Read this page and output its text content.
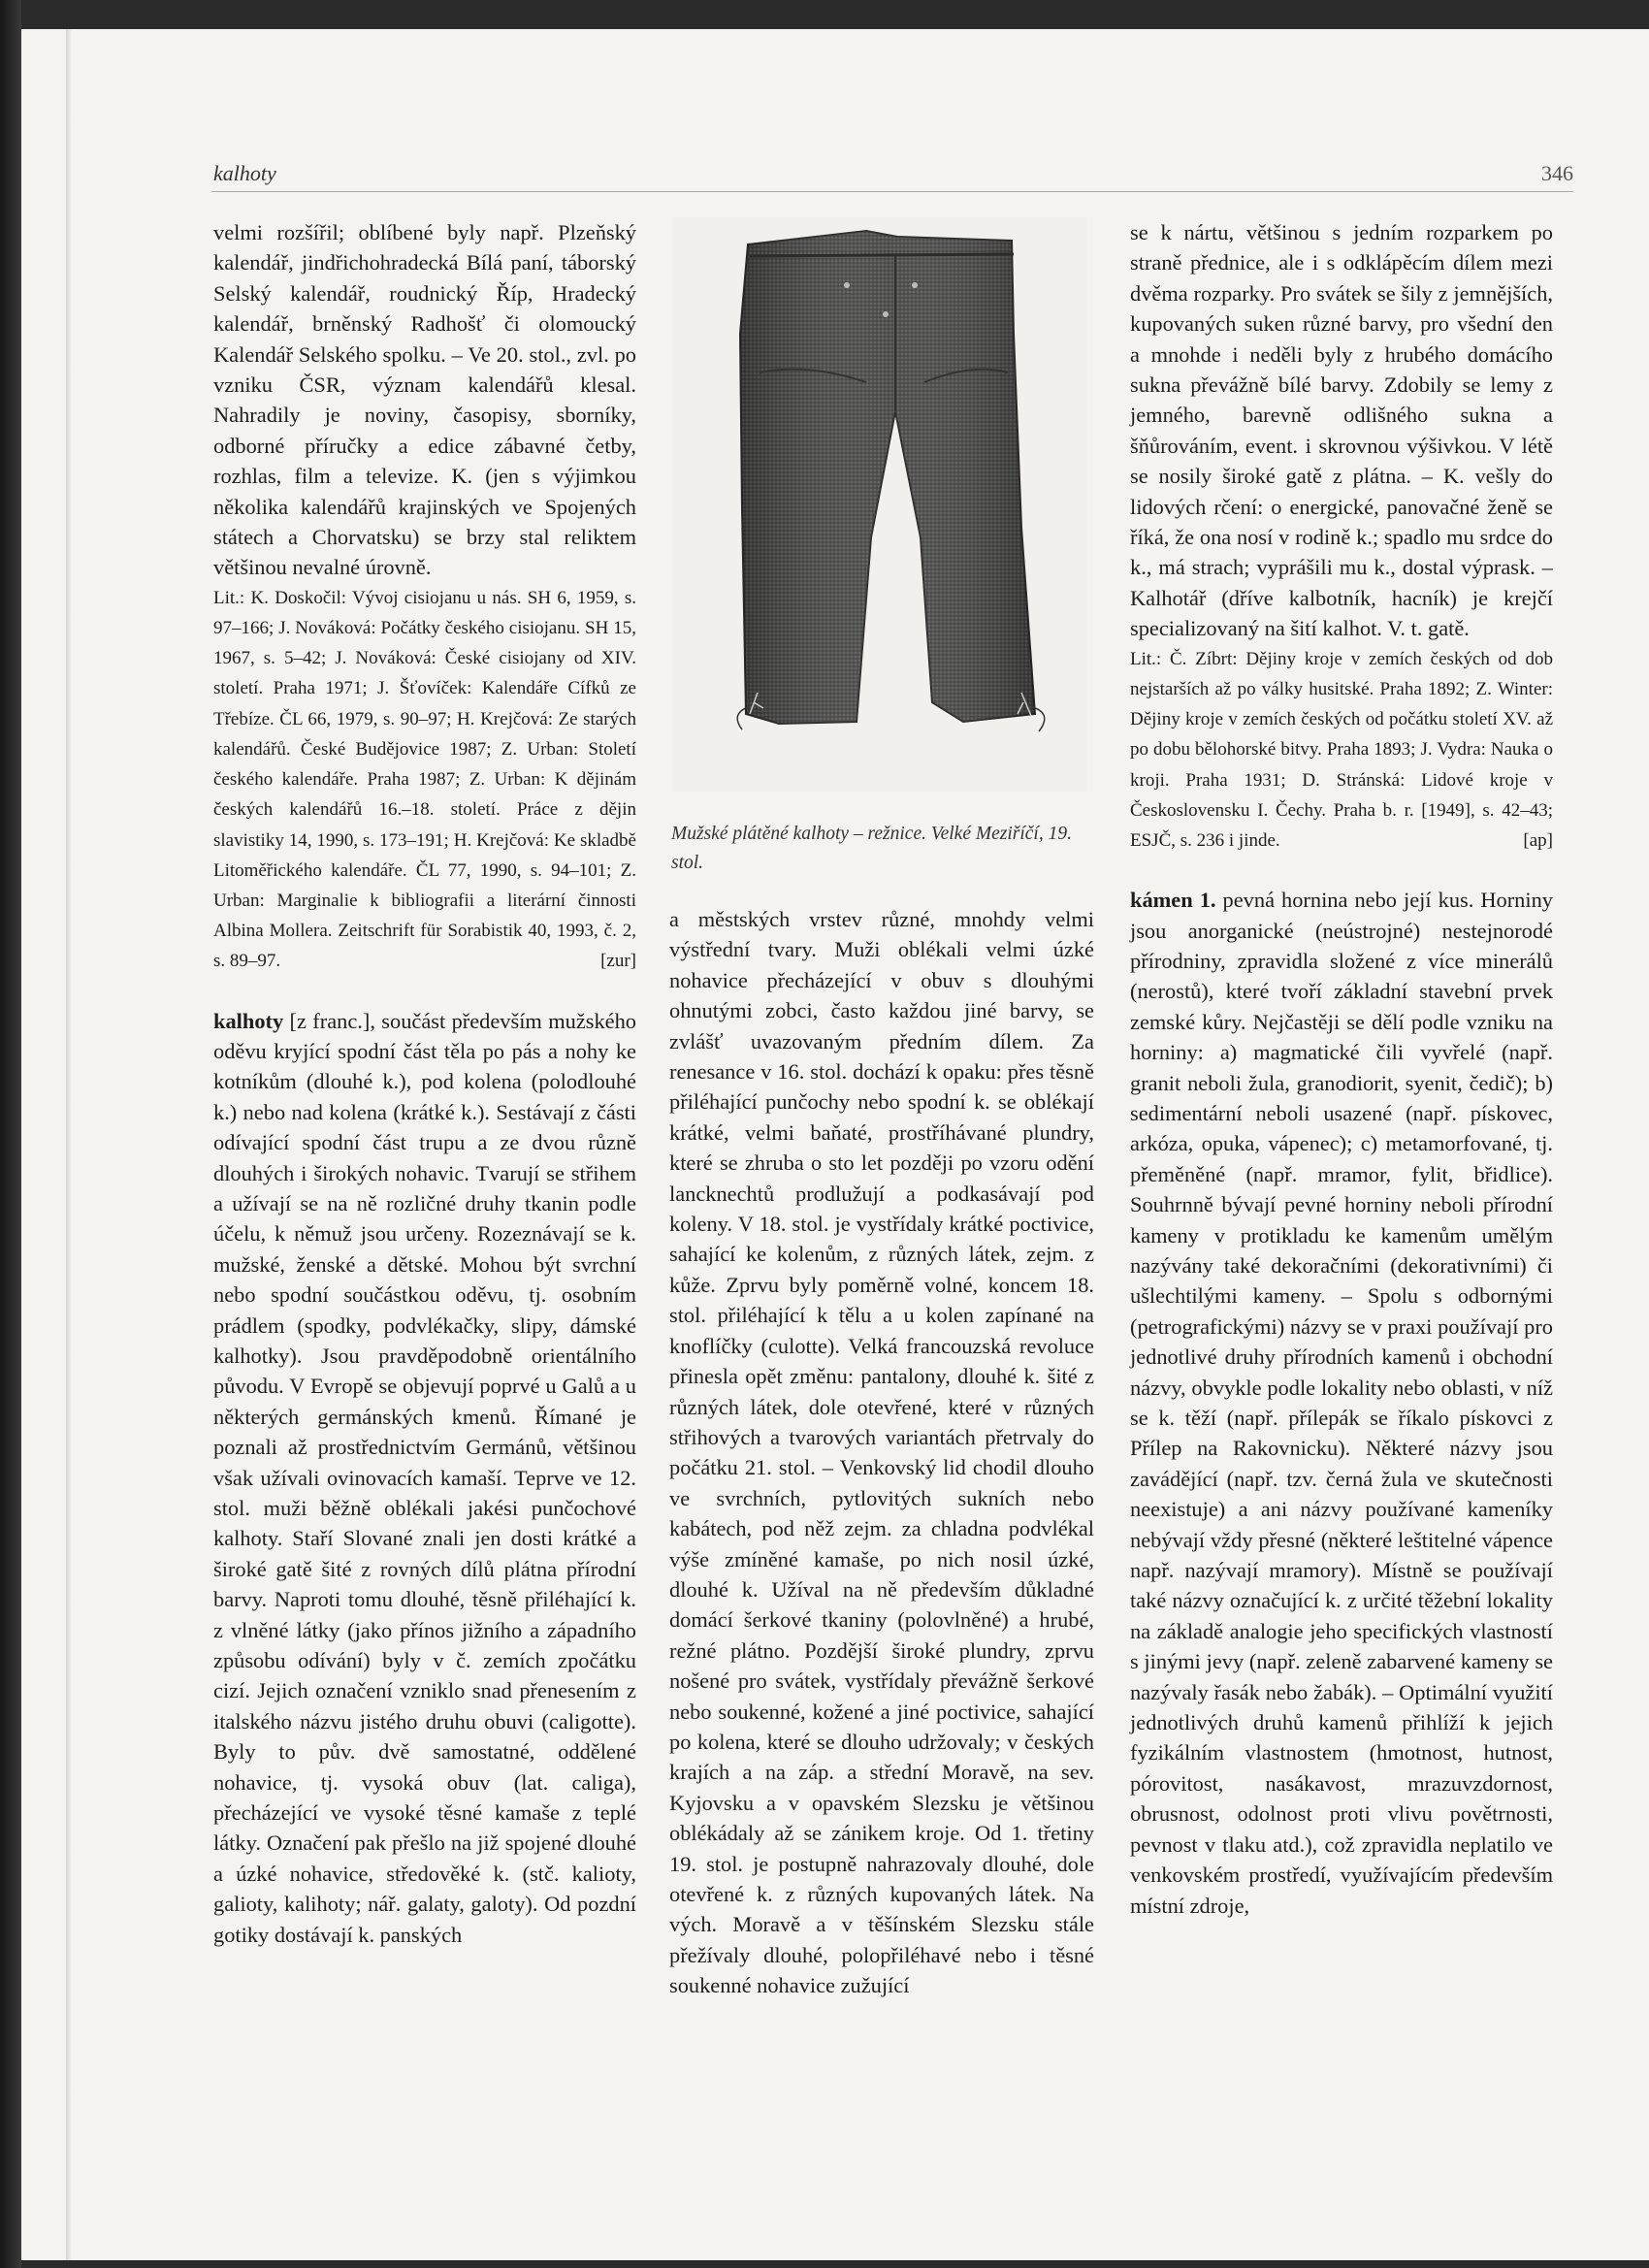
kalhoty	346

velmi rozšířil; oblíbené byly např. Plzeňský kalendář, jindřichohradecká Bílá paní, táborský Selský kalendář, roudnický Říp, Hradecký kalendář, brněnský Radhošť či olomoucký Kalendář Selského spolku. – Ve 20. stol., zvl. po vzniku ČSR, význam kalendářů klesal. Nahradily je noviny, časopisy, sborníky, odborné příručky a edice zábavné četby, rozhlas, film a televize. K. (jen s výjimkou několika kalendářů krajinských ve Spojených státech a Chorvatsku) se brzy stal reliktem většinou nevalné úrovně.

Lit.: K. Doskočil: Vývoj cisiojanu u nás. SH 6, 1959, s. 97–166; J. Nováková: Počátky českého cisiojanu. SH 15, 1967, s. 5–42; J. Nováková: České cisiojany od XIV. století. Praha 1971; J. Šťovíček: Kalendáře Cífků ze Třebíze. ČL 66, 1979, s. 90–97; H. Krejčová: Ze starých kalendářů. České Budějovice 1987; Z. Urban: Století českého kalendáře. Praha 1987; Z. Urban: K dějinám českých kalendářů 16.–18. století. Práce z dějin slavistiky 14, 1990, s. 173–191; H. Krejčová: Ke skladbě Litoměřického kalendáře. ČL 77, 1990, s. 94–101; Z. Urban: Marginalie k bibliografii a literární činnosti Albina Mollera. Zeitschrift für Sorabistik 40, 1993, č. 2, s. 89–97.	[zur]

kalhoty [z franc.], součást především mužského oděvu kryjící spodní část těla po pás a nohy ke kotníkům (dlouhé k.), pod kolena (polodlouhé k.) nebo nad kolena (krátké k.). Sestávají z části odívající spodní část trupu a ze dvou různě dlouhých i širokých nohavic. Tvarují se střihem a užívají se na ně rozličné druhy tkanin podle účelu, k němuž jsou určeny. Rozeznávají se k. mužské, ženské a dětské. Mohou být svrchní nebo spodní součástkou oděvu, tj. osobním prádlem (spodky, podvlékačky, slipy, dámské kalhotky). Jsou pravděpodobně orientálního původu. V Evropě se objevují poprvé u Galů a u některých germánských kmenů. Římané je poznali až prostřednictvím Germánů, většinou však užívali ovinovacích kamaší. Teprve ve 12. stol. muži běžně oblékali jakési punčochové kalhoty. Staří Slované znali jen dosti krátké a široké gatě šité z rovných dílů plátna přírodní barvy. Naproti tomu dlouhé, těsně přiléhající k. z vlněné látky (jako přínos jižního a západního způsobu odívání) byly v č. zemích zpočátku cizí. Jejich označení vzniklo snad přenesením z italského názvu jistého druhu obuvi (caligotte). Byly to pův. dvě samostatné, oddělené nohavice, tj. vysoká obuv (lat. caliga), přecházející ve vysoké těsné kamaše z teplé látky. Označení pak přešlo na již spojené dlouhé a úzké nohavice, středověké k. (stč. kalioty, galioty, kalihoty; nář. galaty, galoty). Od pozdní gotiky dostávají k. panských

Mužské plátěné kalhoty – režnice. Velké Meziříčí, 19. stol.

a městských vrstev různé, mnohdy velmi výstřední tvary. Muži oblékali velmi úzké nohavice přecházející v obuv s dlouhými ohnutými zobci, často každou jiné barvy, se zvlášť uvazovaným předním dílem. Za renesance v 16. stol. dochází k opaku: přes těsně přiléhající punčochy nebo spodní k. se oblékají krátké, velmi baňaté, prostříhávané plundry, které se zhruba o sto let později po vzoru odění lancknechtů prodlužují a podkasávají pod koleny. V 18. stol. je vystřídaly krátké poctivice, sahající ke kolenům, z různých látek, zejm. z kůže. Zprvu byly poměrně volné, koncem 18. stol. přiléhající k tělu a u kolen zapínané na knoflíčky (culotte). Velká francouzská revoluce přinesla opět změnu: pantalony, dlouhé k. šité z různých látek, dole otevřené, které v různých střihových a tvarových variantách přetrvaly do počátku 21. stol. – Venkovský lid chodil dlouho ve svrchních, pytlovitých sukních nebo kabátech, pod něž zejm. za chladna podvlékal výše zmíněné kamaše, po nich nosil úzké, dlouhé k. Užíval na ně především důkladné domácí šerkové tkaniny (polovlněné) a hrubé, režné plátno. Pozdější široké plundry, zprvu nošené pro svátek, vystřídaly převážně šerkové nebo soukenné, kožené a jiné poctivice, sahající po kolena, které se dlouho udržovaly; v českých krajích a na záp. a střední Moravě, na sev. Kyjovsku a v opavském Slezsku je většinou oblékádaly až se zánikem kroje. Od 1. třetiny 19. stol. je postupně nahrazovaly dlouhé, dole otevřené k. z různých kupovaných látek. Na vých. Moravě a v těšínském Slezsku stále přežívaly dlouhé, polopřiléhavé nebo i těsné soukenné nohavice zužující

se k nártu, většinou s jedním rozparkem po straně přednice, ale i s odklápěcím dílem mezi dvěma rozparky. Pro svátek se šily z jemnějších, kupovaných suken různé barvy, pro všední den a mnohde i neděli byly z hrubého domácího sukna převážně bílé barvy. Zdobily se lemy z jemného, barevně odlišného sukna a šňůrováním, event. i skrovnou výšivkou. V létě se nosily široké gatě z plátna. – K. vešly do lidových rčení: o energické, panovačné ženě se říká, že ona nosí v rodině k.; spadlo mu srdce do k., má strach; vyprášili mu k., dostal výprask. – Kalhotář (dříve kalbotník, hacník) je krejčí specializovaný na šití kalhot. V. t. gatě.

Lit.: Č. Zíbrt: Dějiny kroje v zemích českých od dob nejstarších až po války husitské. Praha 1892; Z. Winter: Dějiny kroje v zemích českých od počátku století XV. až po dobu bělohorské bitvy. Praha 1893; J. Vydra: Nauka o kroji. Praha 1931; D. Stránská: Lidové kroje v Československu I. Čechy. Praha b. r. [1949], s. 42–43; ESJČ, s. 236 i jinde.	[ap]

kámen 1. pevná hornina nebo její kus. Horniny jsou anorganické (neústrojné) nestejnorodé přírodniny, zpravidla složené z více minerálů (nerostů), které tvoří základní stavební prvek zemské kůry. Nejčastěji se dělí podle vzniku na horniny: a) magmatické čili vyvřelé (např. granit neboli žula, granodiorit, syenit, čedič); b) sedimentární neboli usazené (např. pískovec, arkóza, opuka, vápenec); c) metamorfované, tj. přeměněné (např. mramor, fylit, břidlice). Souhrnně bývají pevné horniny neboli přírodní kameny v protikladu ke kamenům umělým nazývány také dekoračními (dekorativními) či ušlechtilými kameny. – Spolu s odbornými (petrografickými) názvy se v praxi používají pro jednotlivé druhy přírodních kamenů i obchodní názvy, obvykle podle lokality nebo oblasti, v níž se k. těží (např. přílepák se říkalo pískovci z Přílep na Rakovnicku). Některé názvy jsou zavádějící (např. tzv. černá žula ve skutečnosti neexistuje) a ani názvy používané kameníky nebývají vždy přesné (některé leštitelné vápence např. nazývají mramory). Místně se používají také názvy označující k. z určité těžební lokality na základě analogie jeho specifických vlastností s jinými jevy (např. zeleně zabarvené kameny se nazývaly řasák nebo žabák). – Optimální využití jednotlivých druhů kamenů přihlíží k jejich fyzikálním vlastnostem (hmotnost, hutnost, pórovitost, nasákavost, mrazuvzdornost, obrusnost, odolnost proti vlivu povětrnosti, pevnost v tlaku atd.), což zpravidla neplatilo ve venkovském prostředí, využívajícím především místní zdroje,
